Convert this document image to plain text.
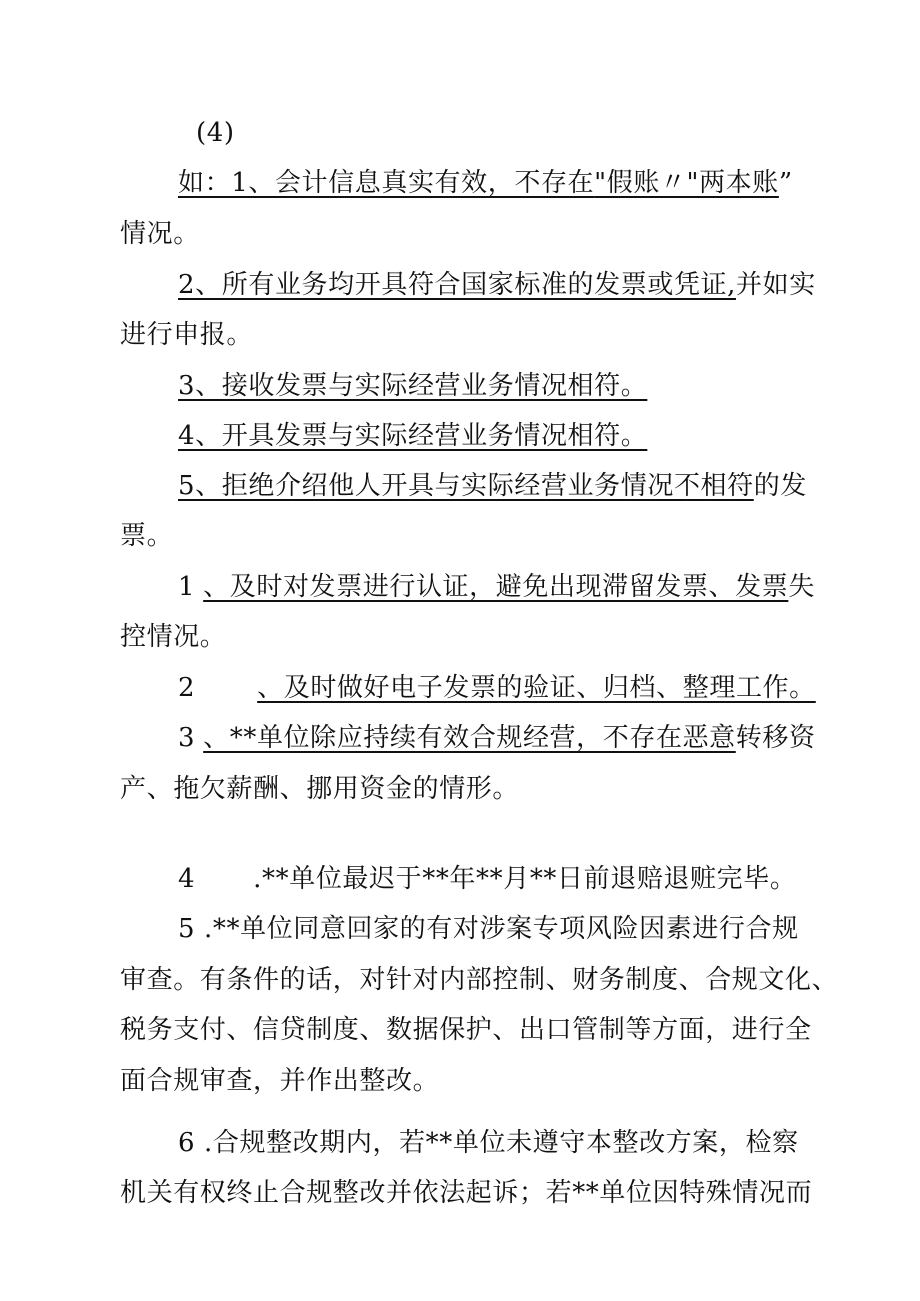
(4)
如：1、会计信息真实有效，不存在"假账〃"两本账”
情况。
2、所有业务均开具符合国家标准的发票或凭证,并如实
进行申报。
3、接收发票与实际经营业务情况相符。
4、开具发票与实际经营业务情况相符。
5、拒绝介绍他人开具与实际经营业务情况不相符的发
票。
1 、及时对发票进行认证，避免出现滞留发票、发票失
控情况。
2 、及时做好电子发票的验证、归档、整理工作。
3 、**单位除应持续有效合规经营，不存在恶意转移资
产、拖欠薪酬、挪用资金的情形。
4 .**单位最迟于**年**月**日前退赔退赃完毕。
5 .**单位同意回家的有对涉案专项风险因素进行合规
审查。有条件的话，对针对内部控制、财务制度、合规文化、
税务支付、信贷制度、数据保护、出口管制等方面，进行全
面合规审查，并作出整改。
6 .合规整改期内，若**单位未遵守本整改方案，检察
机关有权终止合规整改并依法起诉；若**单位因特殊情况而
